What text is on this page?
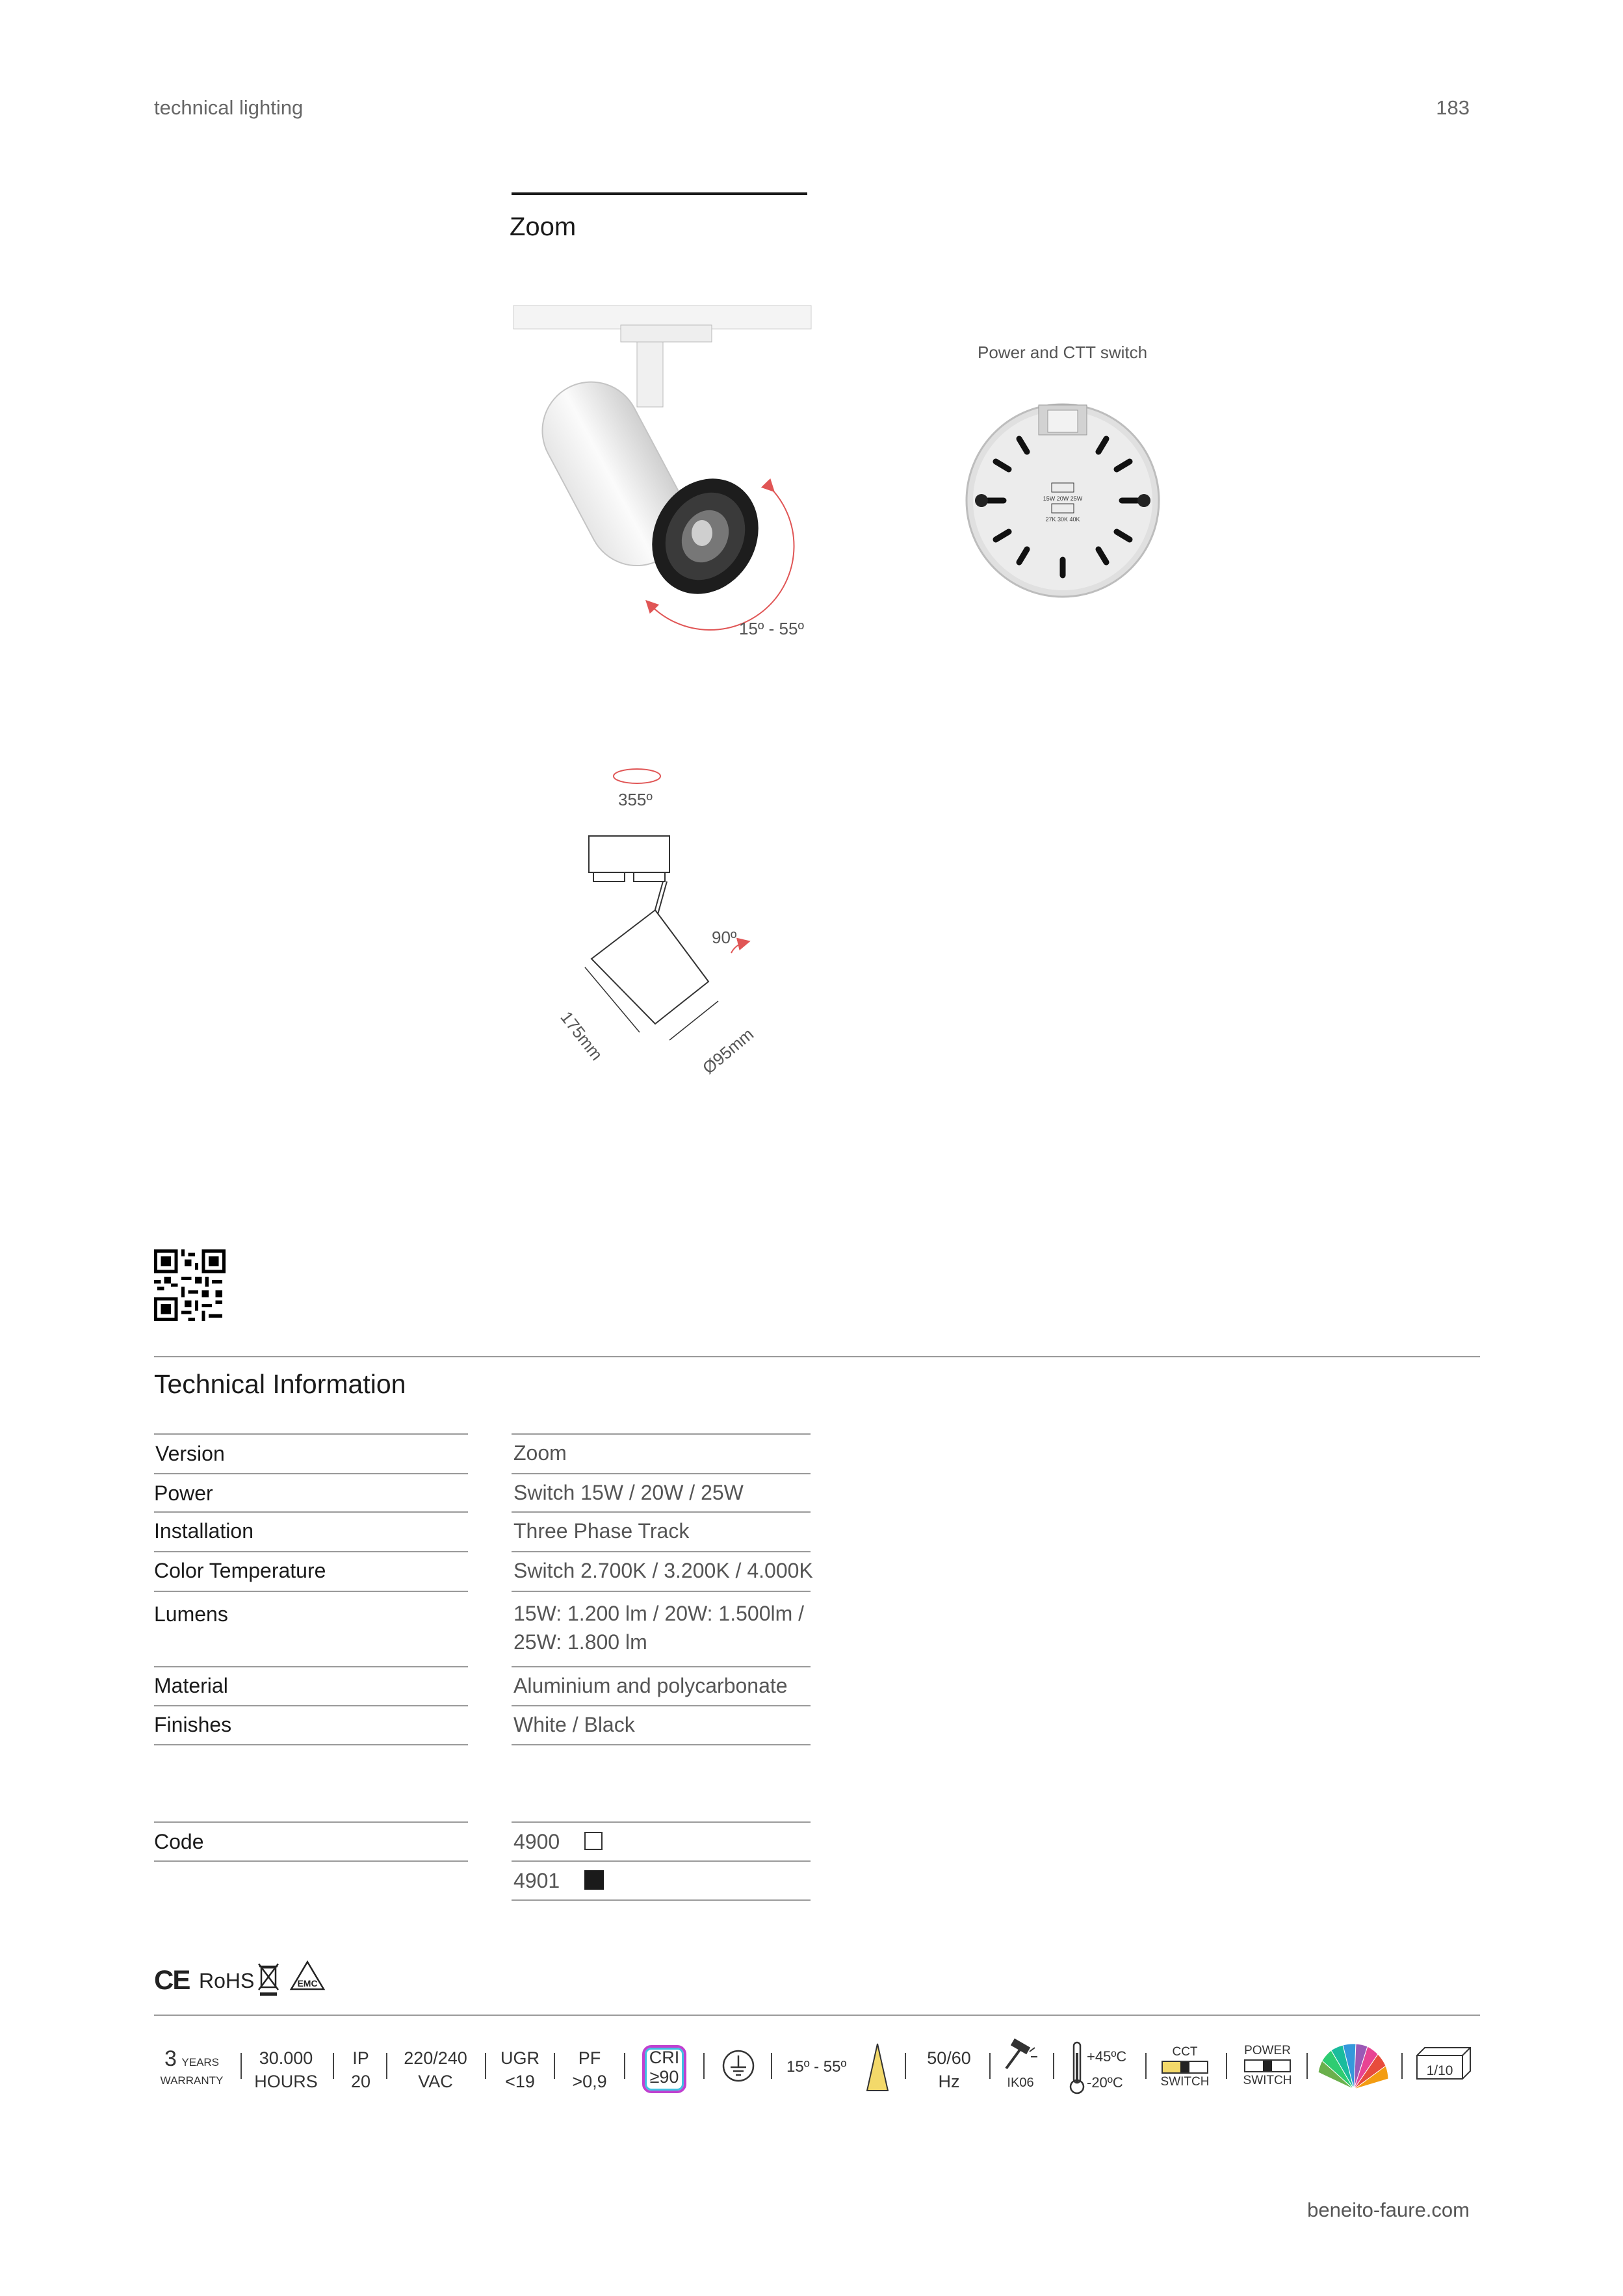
technical lighting	183
Zoom
15º - 55º
Power and CTT switch
15W 20W 25W
27K 30K 40K
355º
90º
175mm	Ø95mm
Technical Information
Version	Zoom
Power	Switch 15W / 20W / 25W
Installation	Three Phase Track
Color Temperature	Switch 2.700K / 3.200K / 4.000K
Lumens	15W: 1.200 lm / 20W: 1.500lm /
25W: 1.800 lm
Material	Aluminium and polycarbonate
Finishes	White / Black
Code	4900
4901
CE RoHS	EMC
3 YEARS
WARRANTY
30.000
HOURS
IP
20
220/240
VAC
UGR
<19
PF
>0,9
CRI
≥90
15º - 55º	50/60
Hz	IK06
+45ºC
-20ºC
CCT
SWITCH
POWER
SWITCH
1/10
beneito-faure.com
